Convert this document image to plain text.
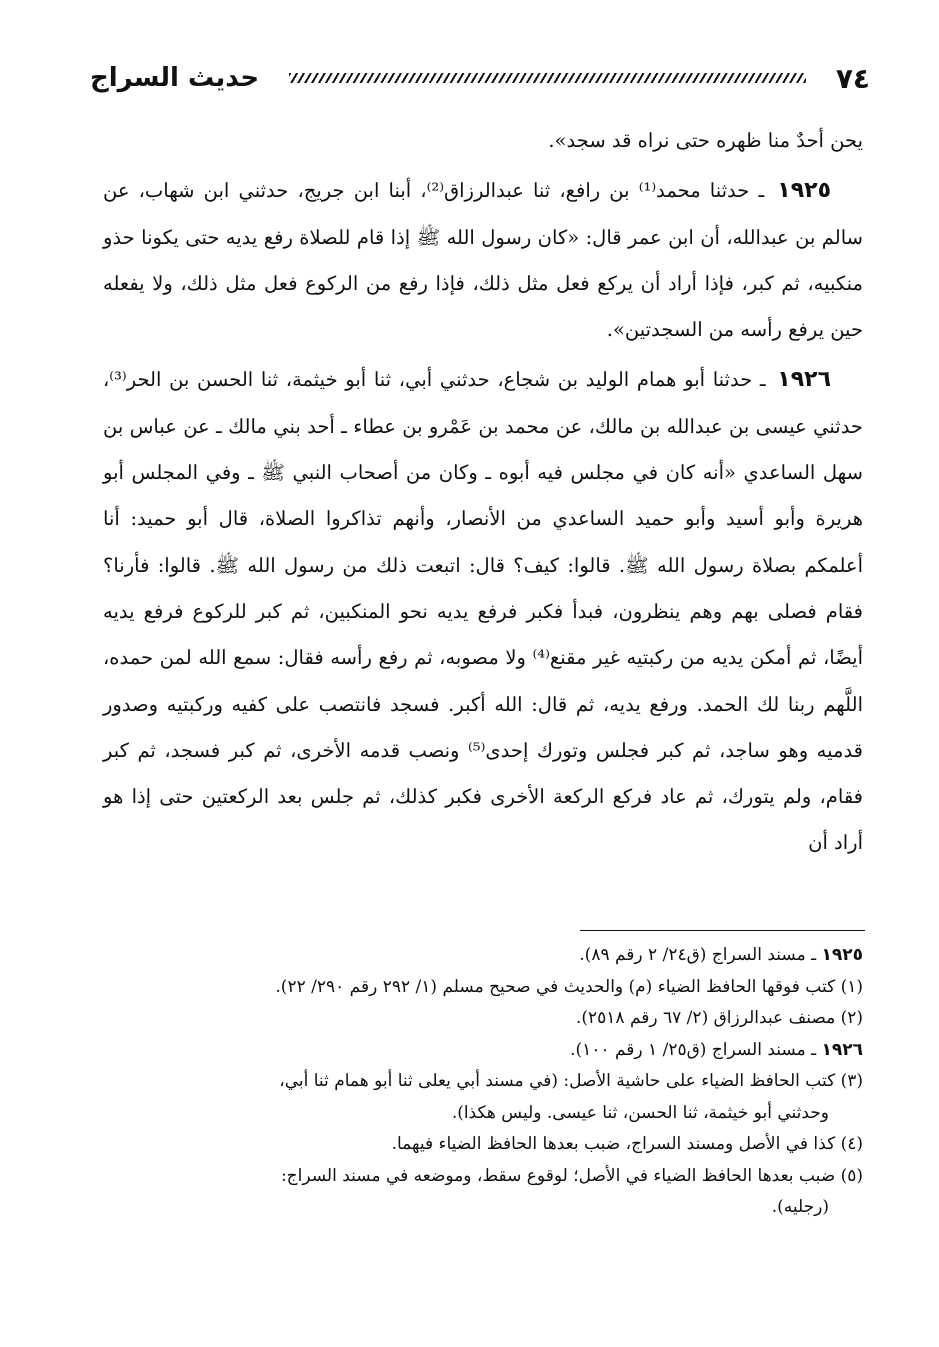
حديث السراج	٧٤

يحن أحدٌ منا ظهره حتى نراه قد سجد».

١٩٢٥ ـ حدثنا محمد⁽¹⁾ بن رافع، ثنا عبدالرزاق⁽²⁾، أبنا ابن جريج، حدثني ابن شهاب، عن سالم بن عبدالله، أن ابن عمر قال: «كان رسول الله ﷺ إذا قام للصلاة رفع يديه حتى يكونا حذو منكبيه، ثم كبر، فإذا أراد أن يركع فعل مثل ذلك، فإذا رفع من الركوع فعل مثل ذلك، ولا يفعله حين يرفع رأسه من السجدتين».

١٩٢٦ ـ حدثنا أبو همام الوليد بن شجاع، حدثني أبي، ثنا أبو خيثمة، ثنا الحسن بن الحر⁽³⁾، حدثني عيسى بن عبدالله بن مالك، عن محمد بن عَمْرو بن عطاء ـ أحد بني مالك ـ عن عباس بن سهل الساعدي «أنه كان في مجلس فيه أبوه ـ وكان من أصحاب النبي ﷺ ـ وفي المجلس أبو هريرة وأبو أسيد وأبو حميد الساعدي من الأنصار، وأنهم تذاكروا الصلاة، قال أبو حميد: أنا أعلمكم بصلاة رسول الله ﷺ. قالوا: كيف؟ قال: اتبعت ذلك من رسول الله ﷺ. قالوا: فأرنا؟ فقام فصلى بهم وهم ينظرون، فبدأ فكبر فرفع يديه نحو المنكبين، ثم كبر للركوع فرفع يديه أيضًا، ثم أمكن يديه من ركبتيه غير مقنع⁽⁴⁾ ولا مصوبه، ثم رفع رأسه فقال: سمع الله لمن حمده، اللَّهم ربنا لك الحمد. ورفع يديه، ثم قال: الله أكبر. فسجد فانتصب على كفيه وركبتيه وصدور قدميه وهو ساجد، ثم كبر فجلس وتورك إحدى⁽⁵⁾ ونصب قدمه الأخرى، ثم كبر فسجد، ثم كبر فقام، ولم يتورك، ثم عاد فركع الركعة الأخرى فكبر كذلك، ثم جلس بعد الركعتين حتى إذا هو أراد أن

١٩٢٥ ـ مسند السراج (ق٢٤/ ٢ رقم ٨٩).

(١) كتب فوقها الحافظ الضياء (م) والحديث في صحيح مسلم (١/ ٢٩٢ رقم ٢٩٠/ ٢٢).

(٢) مصنف عبدالرزاق (٢/ ٦٧ رقم ٢٥١٨).

١٩٢٦ ـ مسند السراج (ق٢٥/ ١ رقم ١٠٠).

(٣) كتب الحافظ الضياء على حاشية الأصل: (في مسند أبي يعلى ثنا أبو همام ثنا أبي،

وحدثني أبو خيثمة، ثنا الحسن، ثنا عيسى. وليس هكذا).

(٤) كذا في الأصل ومسند السراج، ضبب بعدها الحافظ الضياء فيهما.

(٥) ضبب بعدها الحافظ الضياء في الأصل؛ لوقوع سقط، وموضعه في مسند السراج:

(رجليه).
